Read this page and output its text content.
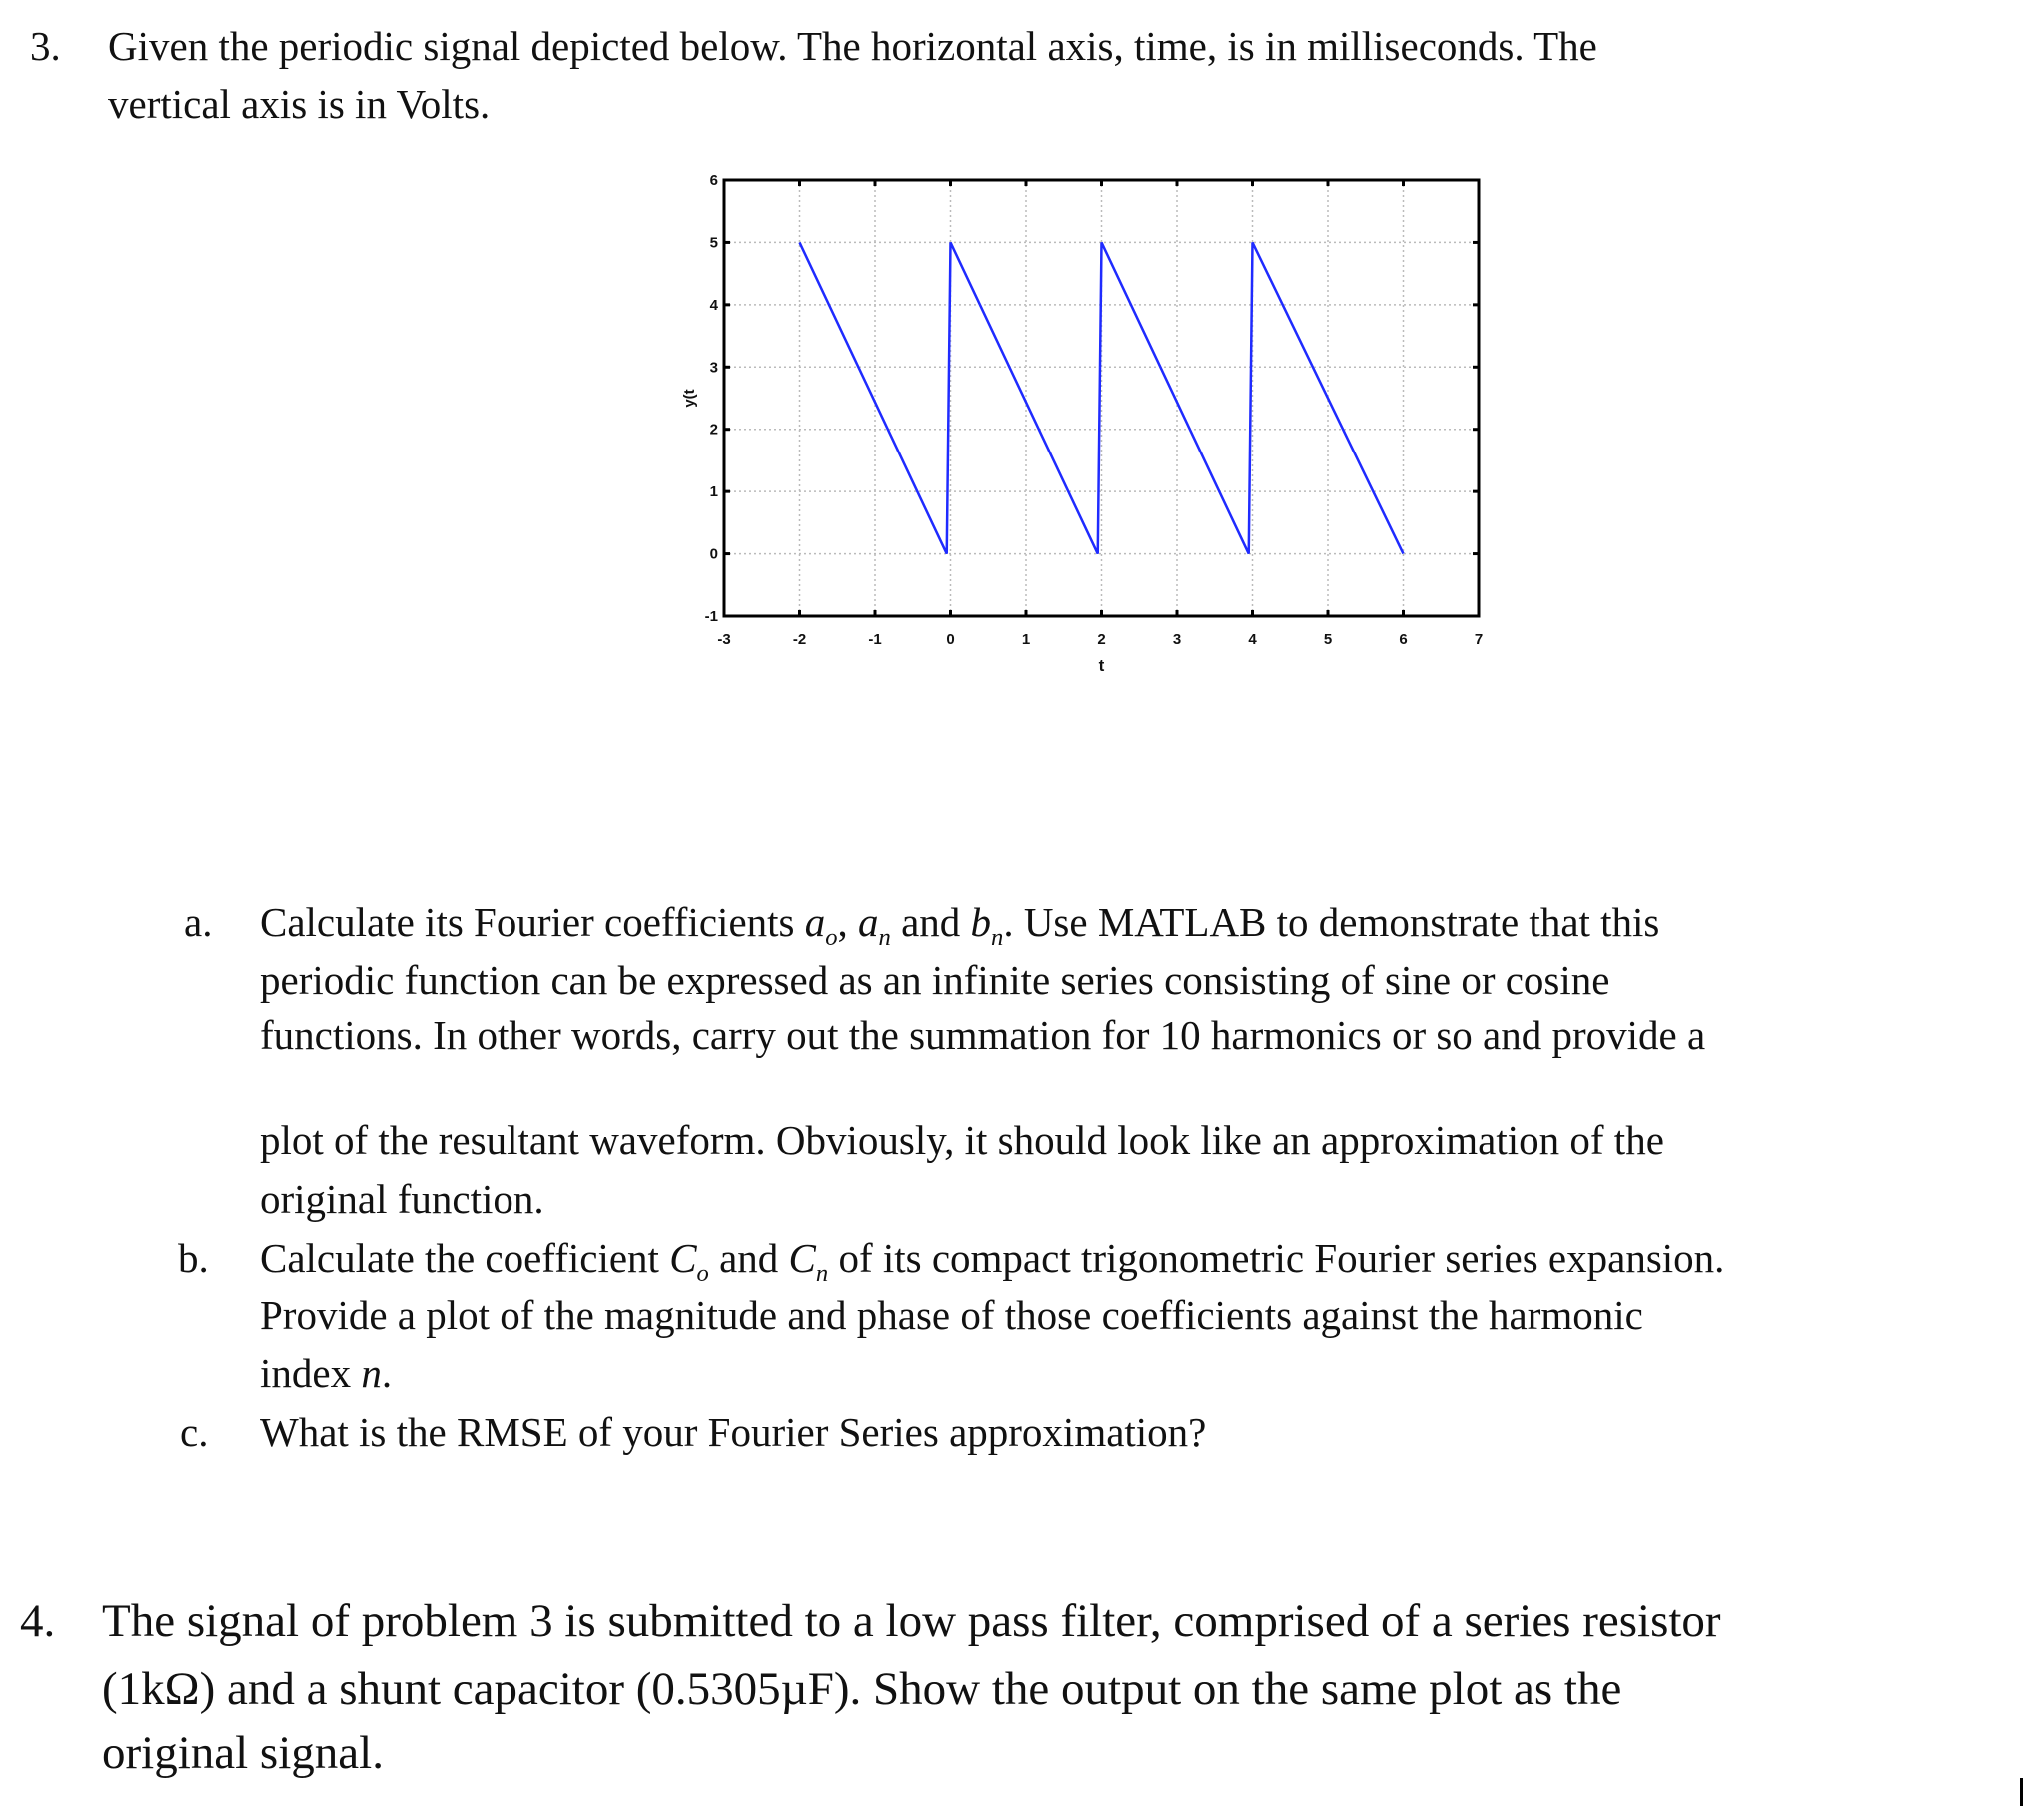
3. Given the periodic signal depicted below. The horizontal axis, time, is in milliseconds. The
vertical axis is in Volts.
-3	-2	-1	0	1	2	3	4	5	6	7
-1
0
1
2
3
4
5
6
t
y(t
a. Calculate its Fourier coefficients $a_o$, $a_n$ and $b_n$. Use MATLAB to demonstrate that this
periodic function can be expressed as an infinite series consisting of sine or cosine
functions. In other words, carry out the summation for 10 harmonics or so and provide a
plot of the resultant waveform. Obviously, it should look like an approximation of the
original function.
b. Calculate the coefficient $C_o$ and $C_n$ of its compact trigonometric Fourier series expansion.
Provide a plot of the magnitude and phase of those coefficients against the harmonic
index n.
c. What is the RMSE of your Fourier Series approximation?
4. The signal of problem 3 is submitted to a low pass filter, comprised of a series resistor
(1kΩ) and a shunt capacitor (0.5305µF). Show the output on the same plot as the
original signal.
